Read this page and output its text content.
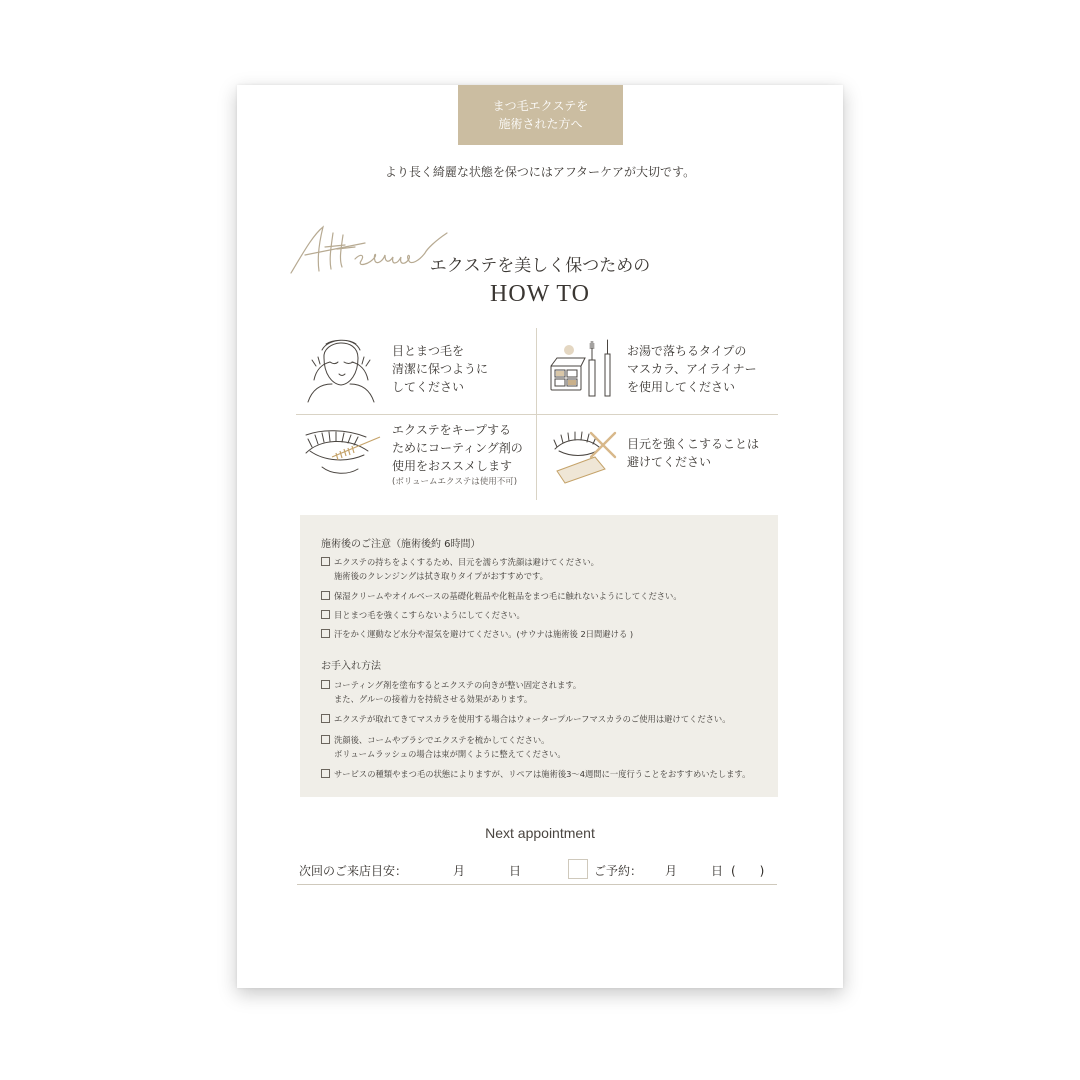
まつ毛エクステを
施術された方へ
より長く綺麗な状態を保つにはアフターケアが大切です。
エクステを美しく保つための
HOW TO
目とまつ毛を
清潔に保つように
してください
お湯で落ちるタイプの
マスカラ、アイライナー
を使用してください
エクステをキープする
ためにコーティング剤の
使用をおススメします
(ボリュームエクステは使用不可)
目元を強くこすることは
避けてください
施術後のご注意（施術後約 6時間）
エクステの持ちをよくするため、目元を濡らす洗顔は避けてください。
施術後のクレンジングは拭き取りタイプがおすすめです。
保湿クリームやオイルベースの基礎化粧品や化粧品をまつ毛に触れないようにしてください。
目とまつ毛を強くこすらないようにしてください。
汗をかく運動など水分や湿気を避けてください。(サウナは施術後 2日間避ける )
お手入れ方法
コーティング剤を塗布するとエクステの向きが整い固定されます。
また、グルーの接着力を持続させる効果があります。
エクステが取れてきてマスカラを使用する場合はウォータープルーフマスカラのご使用は避けてください。
洗顔後、コームやブラシでエクステを梳かしてください。
ボリュームラッシュの場合は束が開くように整えてください。
サービスの種類やまつ毛の状態によりますが、リペアは施術後3〜4週間に一度行うことをおすすめいたします。
Next appointment
次回のご来店目安：	月	日	ご予約： 月	日 (　　)
